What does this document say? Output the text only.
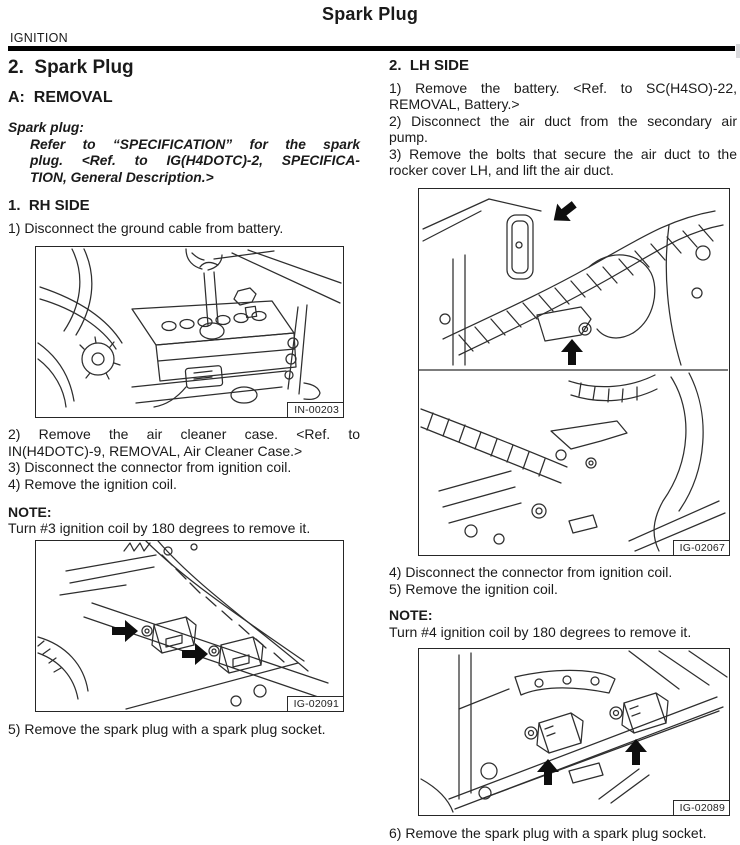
Spark Plug
IGNITION
2.  Spark Plug
A:  REMOVAL
Spark plug:
Refer to “SPECIFICATION” for the spark
plug. <Ref. to IG(H4DOTC)-2, SPECIFICA-
TION, General Description.>
1.  RH SIDE
1) Disconnect the ground cable from battery.
IN-00203
2) Remove the air cleaner case. <Ref. to
IN(H4DOTC)-9, REMOVAL, Air Cleaner Case.>
3) Disconnect the connector from ignition coil.
4) Remove the ignition coil.
NOTE:
Turn #3 ignition coil by 180 degrees to remove it.
IG-02091
5) Remove the spark plug with a spark plug socket.
2.  LH SIDE
1) Remove the battery. <Ref. to SC(H4SO)-22,
REMOVAL, Battery.>
2) Disconnect the air duct from the secondary air
pump.
3) Remove the bolts that secure the air duct to the
rocker cover LH, and lift the air duct.
IG-02067
4) Disconnect the connector from ignition coil.
5) Remove the ignition coil.
NOTE:
Turn #4 ignition coil by 180 degrees to remove it.
IG-02089
6) Remove the spark plug with a spark plug socket.
